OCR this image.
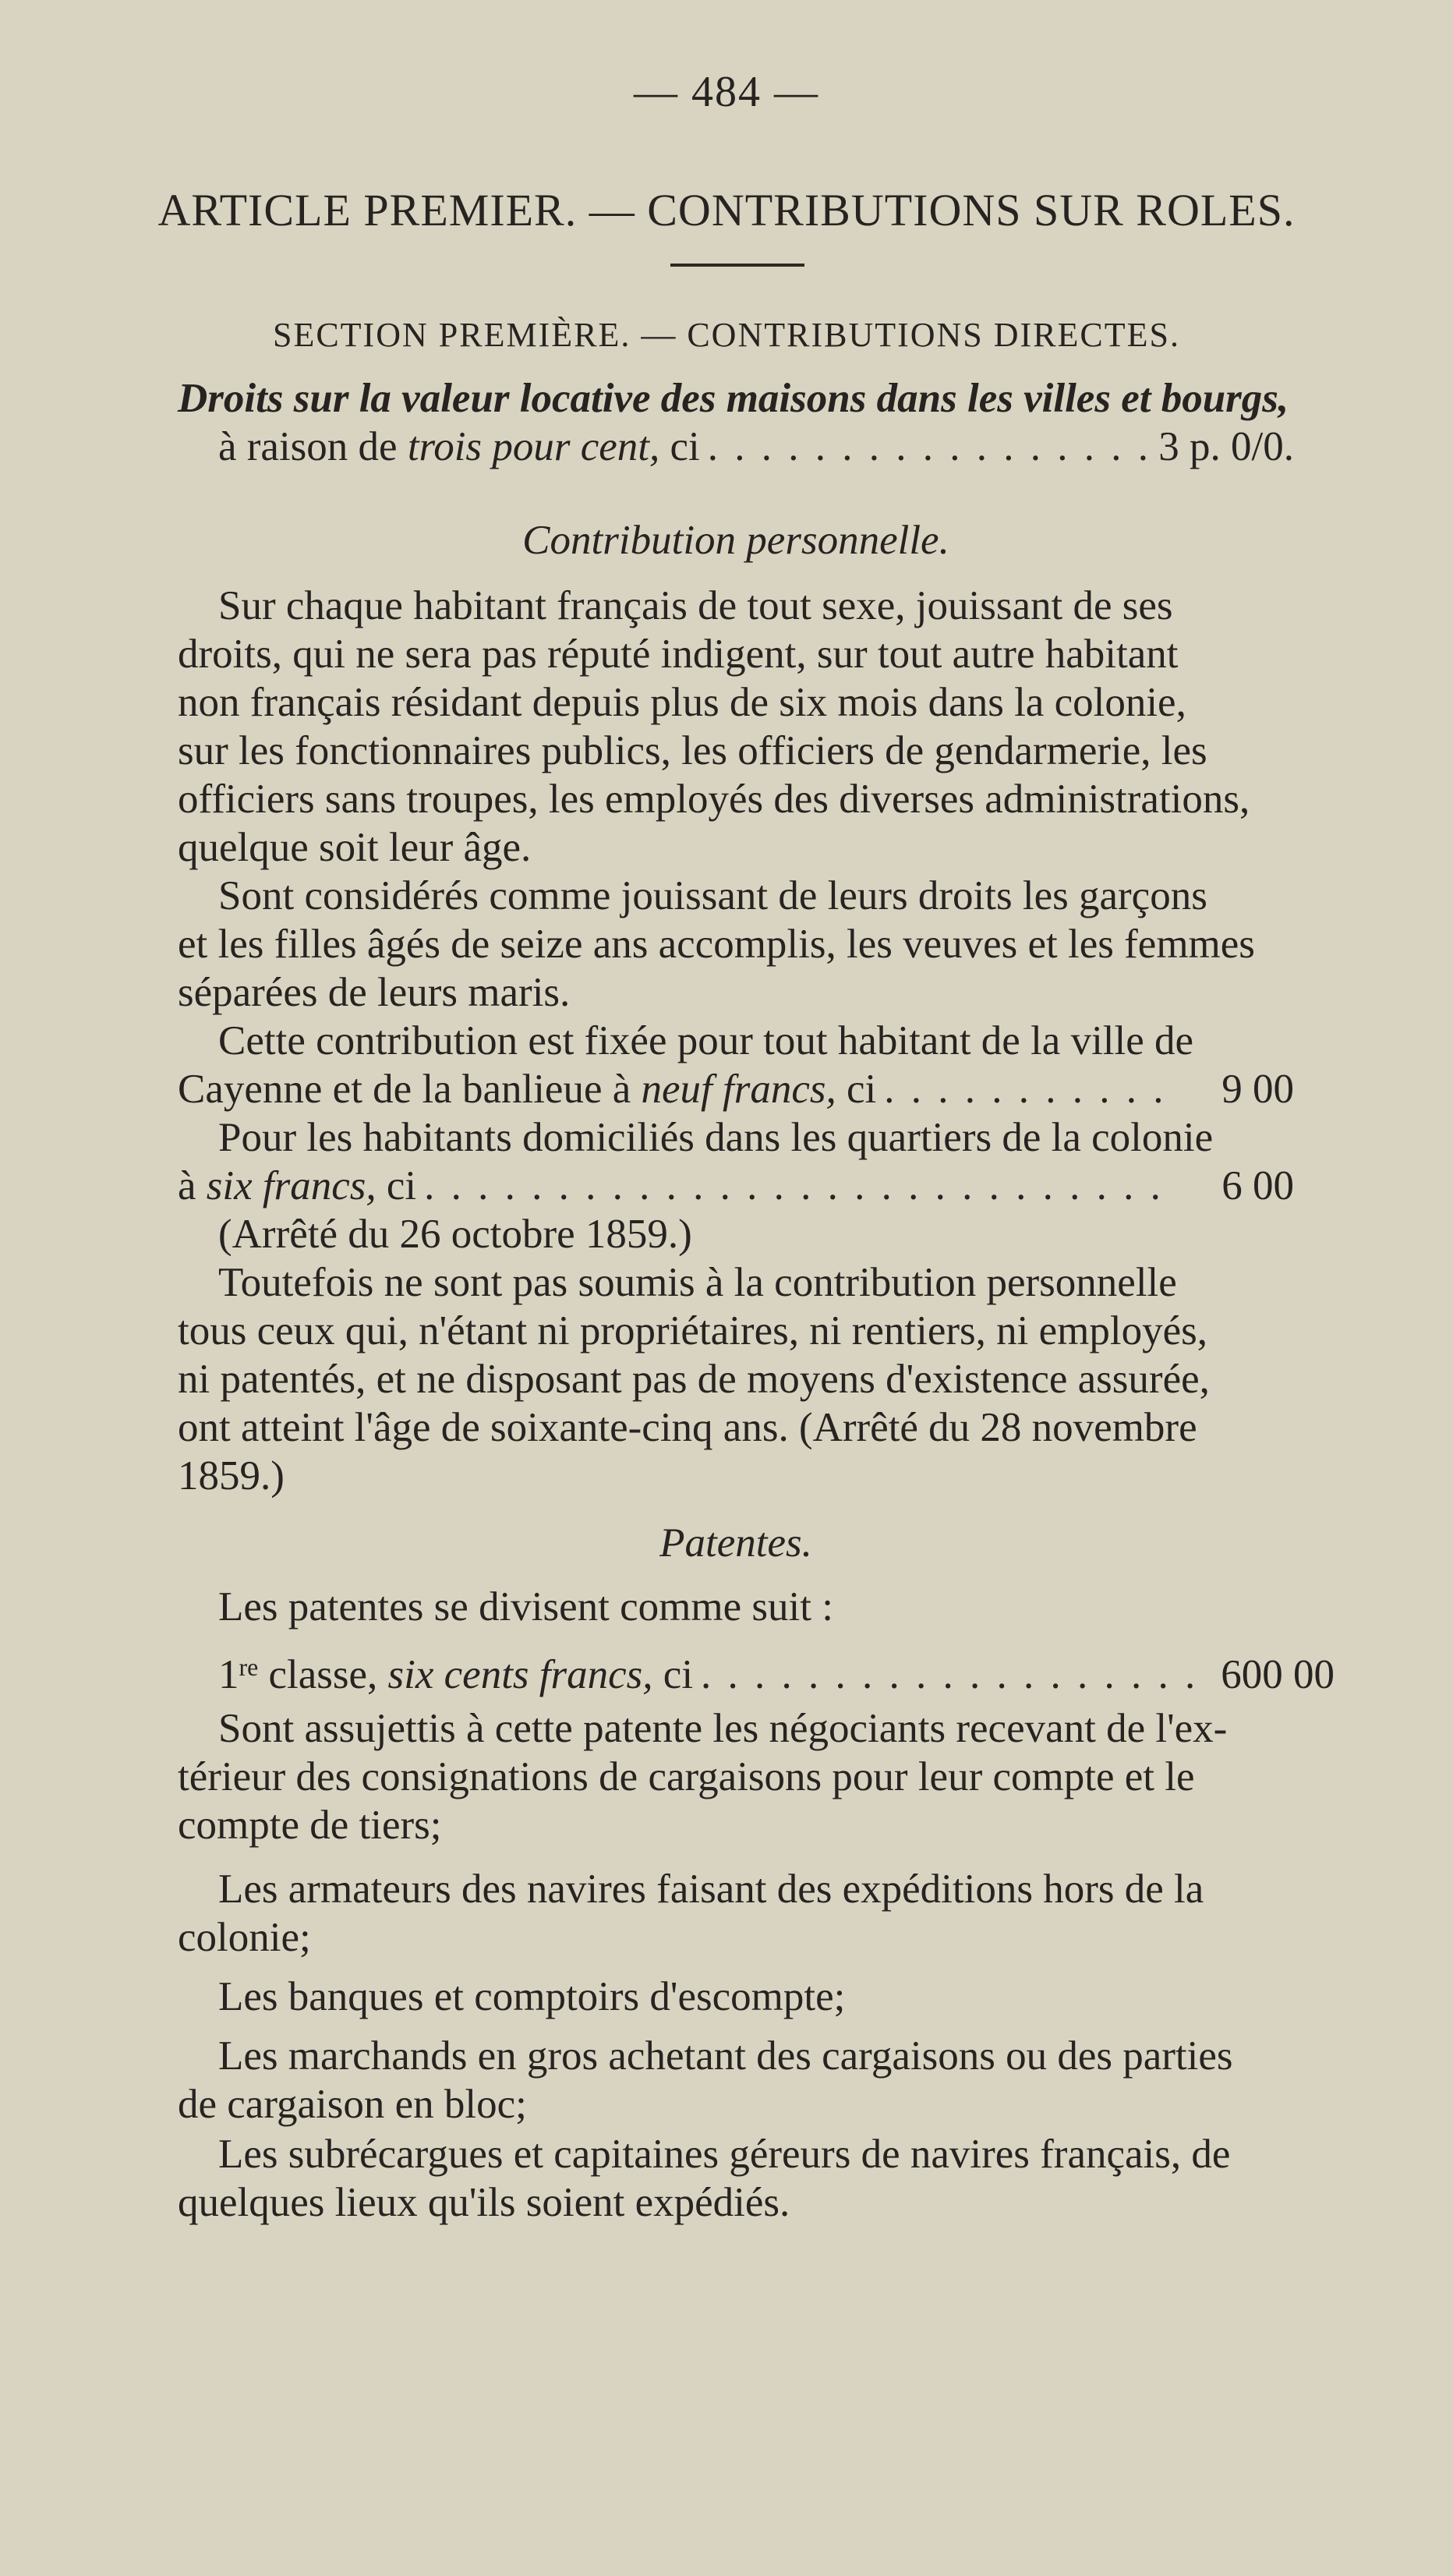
— 484 —
ARTICLE PREMIER. — CONTRIBUTIONS SUR ROLES.
SECTION PREMIÈRE. — CONTRIBUTIONS DIRECTES.
Droits sur la valeur locative des maisons dans les villes et bourgs,
à raison de trois pour cent, ci . . .	3 p. 0/0.
Contribution personnelle.
Sur chaque habitant français de tout sexe, jouissant de ses
droits, qui ne sera pas réputé indigent, sur tout autre habitant
non français résidant depuis plus de six mois dans la colonie,
sur les fonctionnaires publics, les officiers de gendarmerie, les
officiers sans troupes, les employés des diverses administrations,
quelque soit leur âge.
Sont considérés comme jouissant de leurs droits les garçons
et les filles âgés de seize ans accomplis, les veuves et les femmes
séparées de leurs maris.
Cette contribution est fixée pour tout habitant de la ville de
Cayenne et de la banlieue à neuf francs, ci . . .	9 00
Pour les habitants domiciliés dans les quartiers de la colonie
à six francs, ci . . .	6 00
(Arrêté du 26 octobre 1859.)
Toutefois ne sont pas soumis à la contribution personnelle
tous ceux qui, n'étant ni propriétaires, ni rentiers, ni employés,
ni patentés, et ne disposant pas de moyens d'existence assurée,
ont atteint l'âge de soixante-cinq ans. (Arrêté du 28 novembre
1859.)
Patentes.
Les patentes se divisent comme suit :
1re classe, six cents francs, ci . . .	600 00
Sont assujettis à cette patente les négociants recevant de l'ex-
térieur des consignations de cargaisons pour leur compte et le
compte de tiers;
Les armateurs des navires faisant des expéditions hors de la
colonie;
Les banques et comptoirs d'escompte;
Les marchands en gros achetant des cargaisons ou des parties
de cargaison en bloc;
Les subrécargues et capitaines géreurs de navires français, de
quelques lieux qu'ils soient expédiés.
